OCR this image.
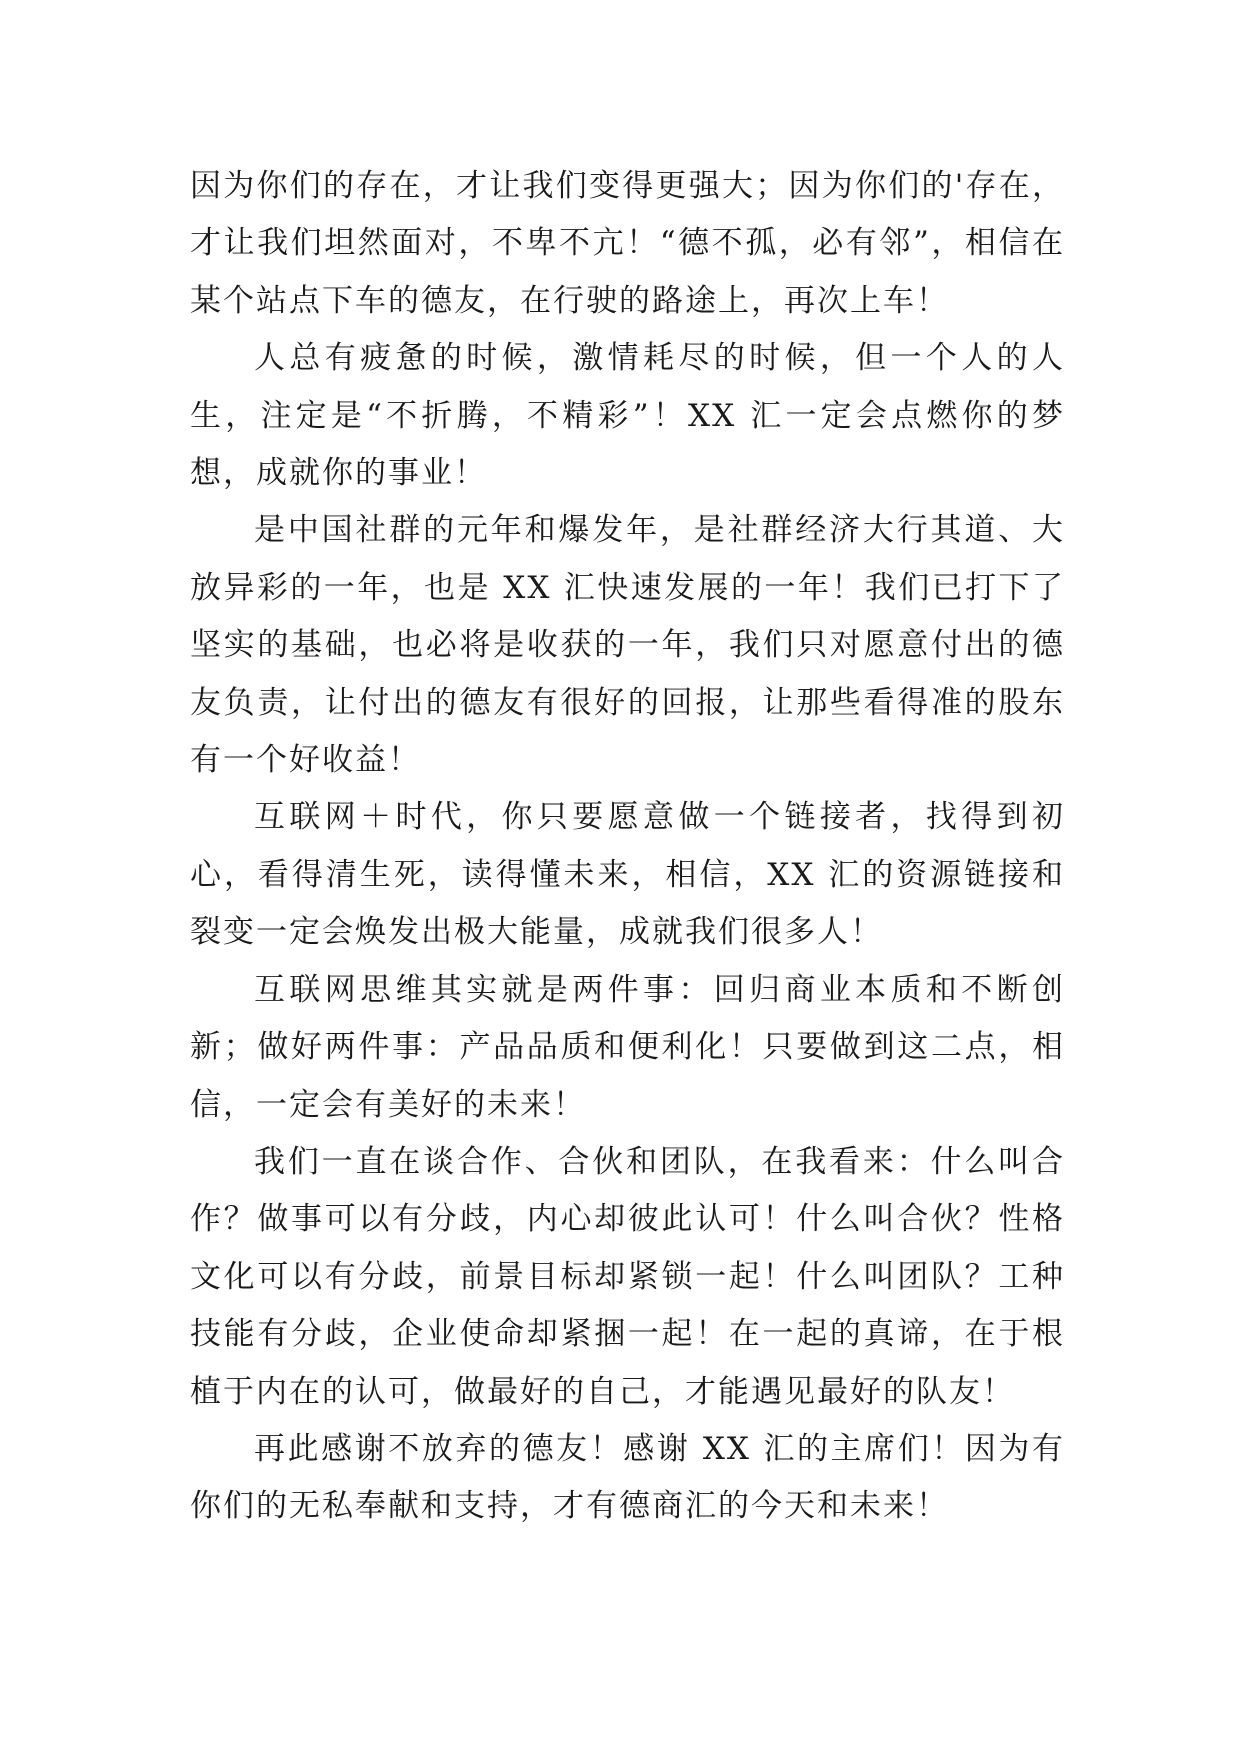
因为你们的存在，才让我们变得更强大；因为你们的'存在，才让我们坦然面对，不卑不亢！“德不孤，必有邻”，相信在某个站点下车的德友，在行驶的路途上，再次上车！

人总有疲惫的时候，激情耗尽的时候，但一个人的人生，注定是“不折腾，不精彩”！XX 汇一定会点燃你的梦想，成就你的事业！

是中国社群的元年和爆发年，是社群经济大行其道、大放异彩的一年，也是 XX 汇快速发展的一年！我们已打下了坚实的基础，也必将是收获的一年，我们只对愿意付出的德友负责，让付出的德友有很好的回报，让那些看得准的股东有一个好收益！

互联网＋时代，你只要愿意做一个链接者，找得到初心，看得清生死，读得懂未来，相信，XX 汇的资源链接和裂变一定会焕发出极大能量，成就我们很多人！

互联网思维其实就是两件事：回归商业本质和不断创新；做好两件事：产品品质和便利化！只要做到这二点，相信，一定会有美好的未来！

我们一直在谈合作、合伙和团队，在我看来：什么叫合作？做事可以有分歧，内心却彼此认可！什么叫合伙？性格文化可以有分歧，前景目标却紧锁一起！什么叫团队？工种技能有分歧，企业使命却紧捆一起！在一起的真谛，在于根植于内在的认可，做最好的自己，才能遇见最好的队友！

再此感谢不放弃的德友！感谢 XX 汇的主席们！因为有你们的无私奉献和支持，才有德商汇的今天和未来！
